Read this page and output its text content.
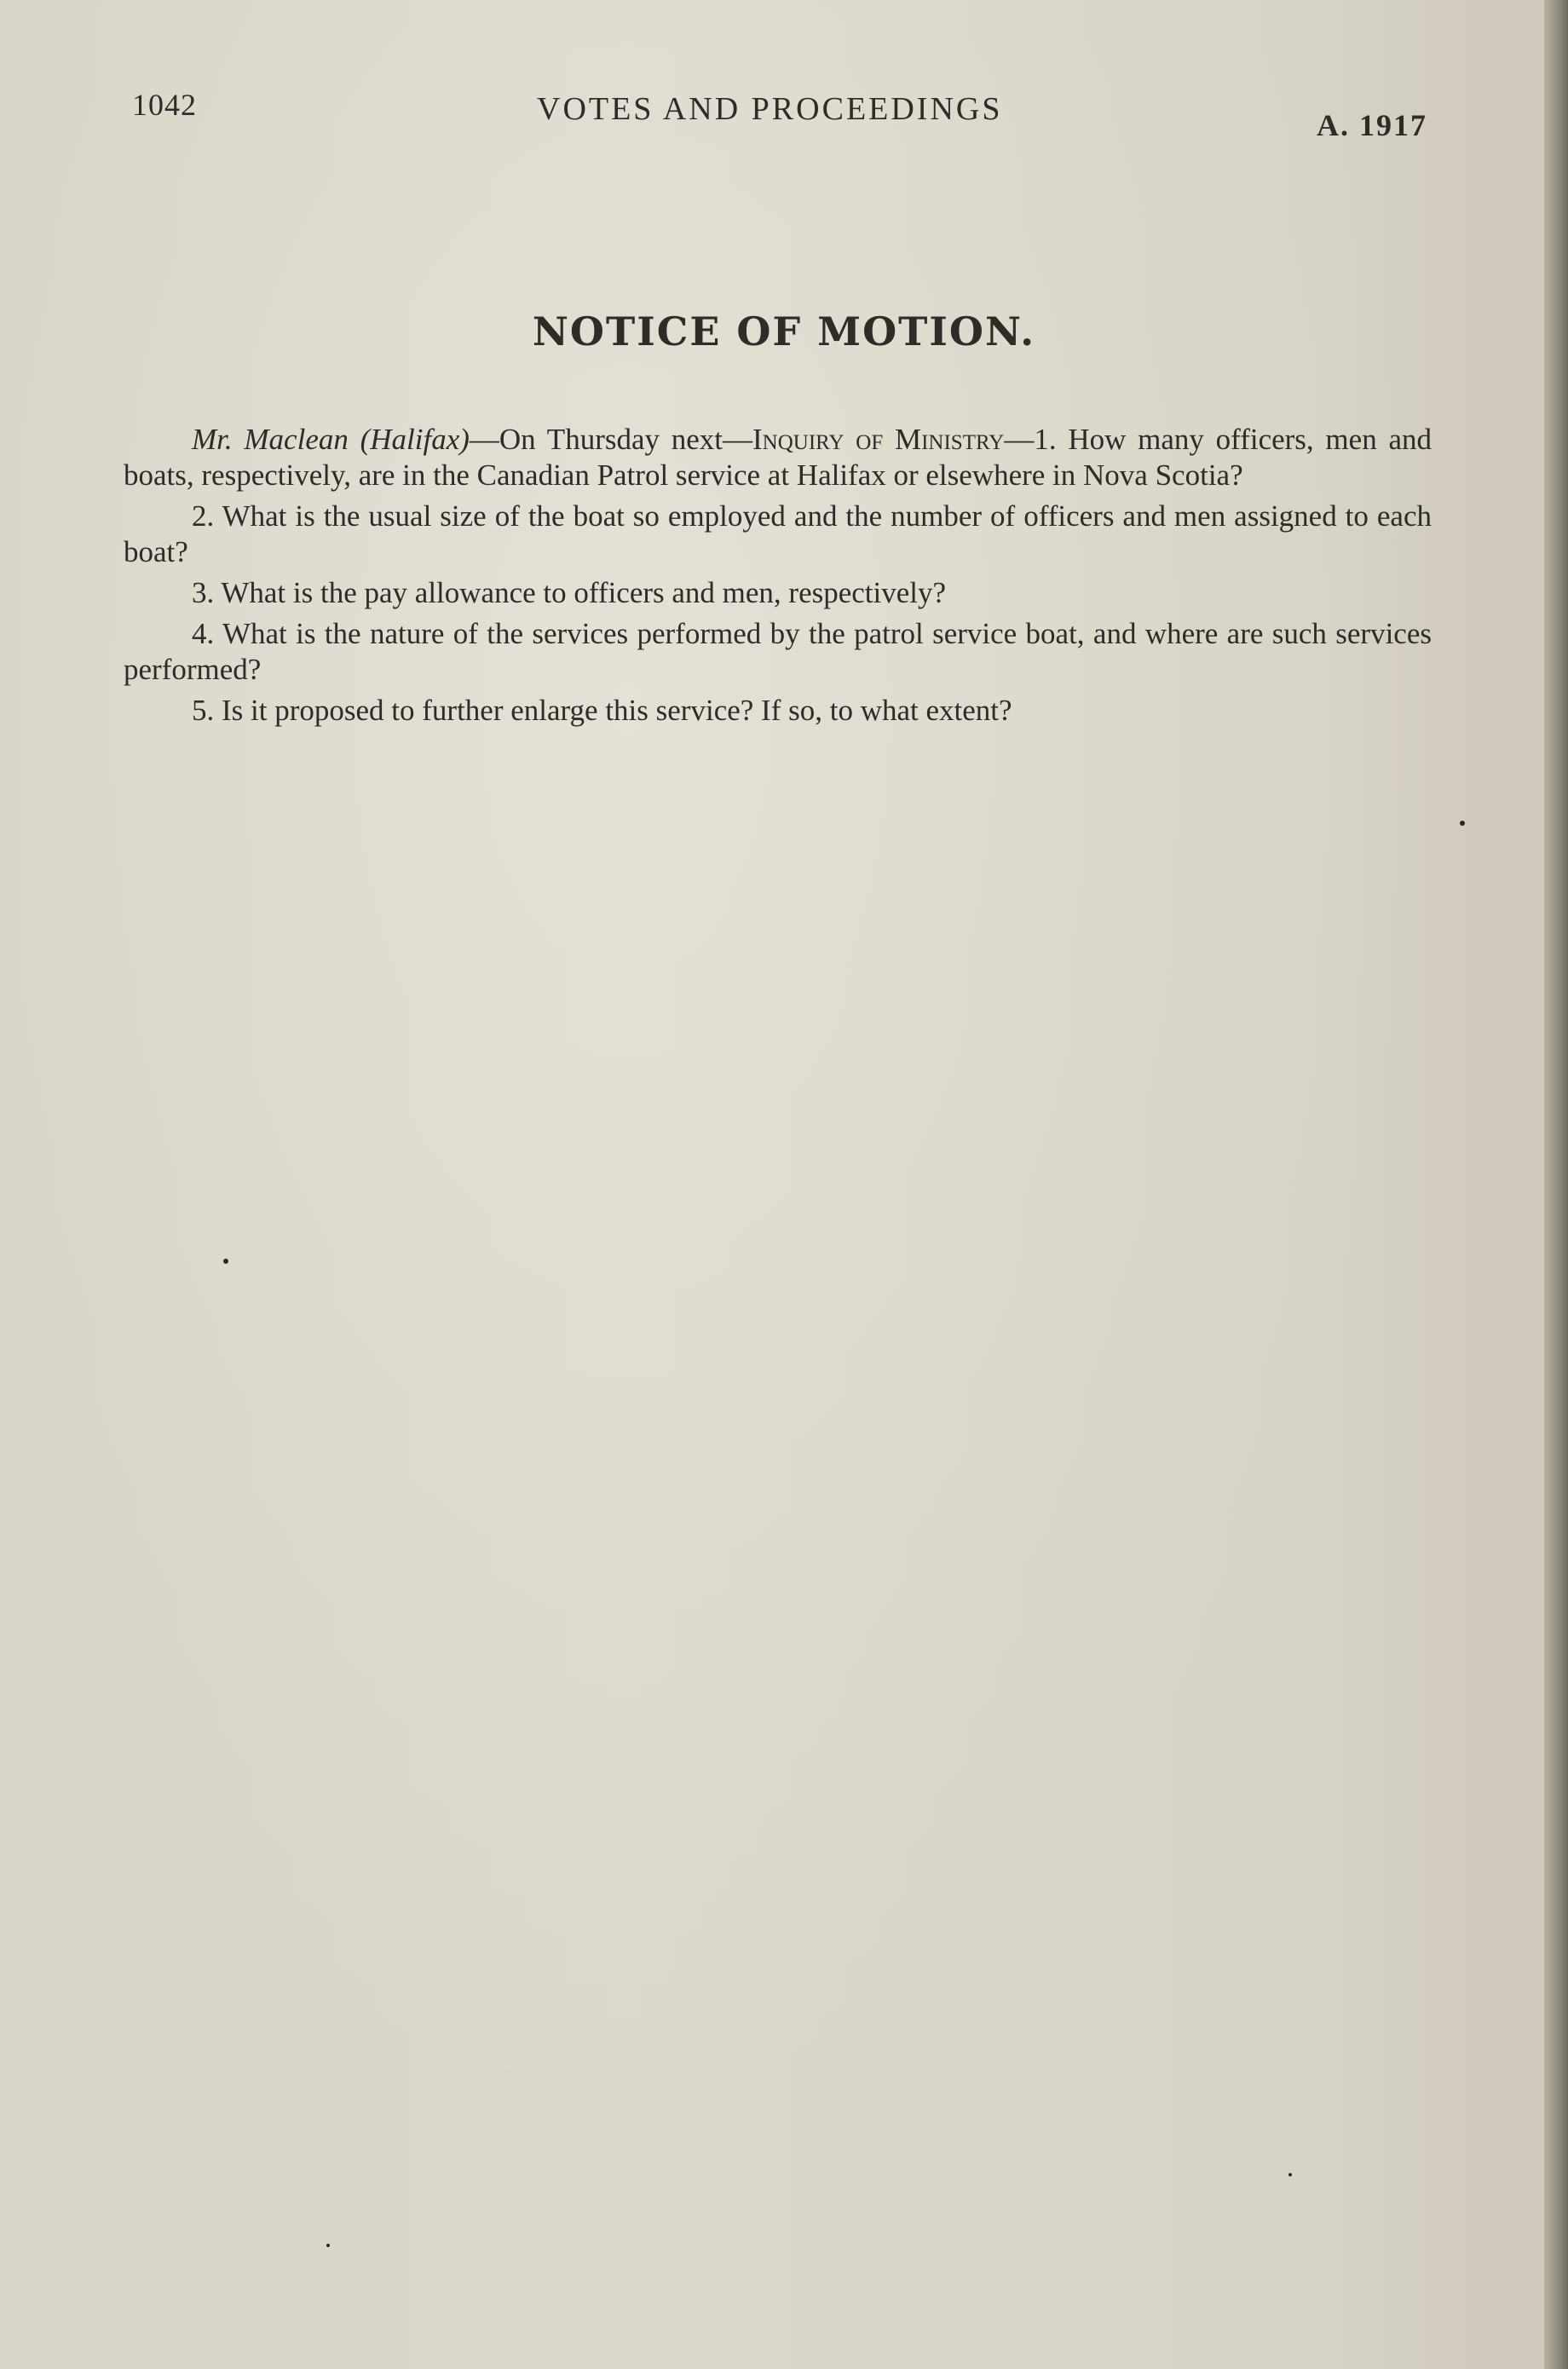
1042	VOTES AND PROCEEDINGS	A. 1917
NOTICE OF MOTION.

Mr. Maclean (Halifax)—On Thursday next—Inquiry of Ministry—1. How many officers, men and boats, respectively, are in the Canadian Patrol service at Halifax or elsewhere in Nova Scotia?

2. What is the usual size of the boat so employed and the number of officers and men assigned to each boat?

3. What is the pay allowance to officers and men, respectively?

4. What is the nature of the services performed by the patrol service boat, and where are such services performed?

5. Is it proposed to further enlarge this service? If so, to what extent?
